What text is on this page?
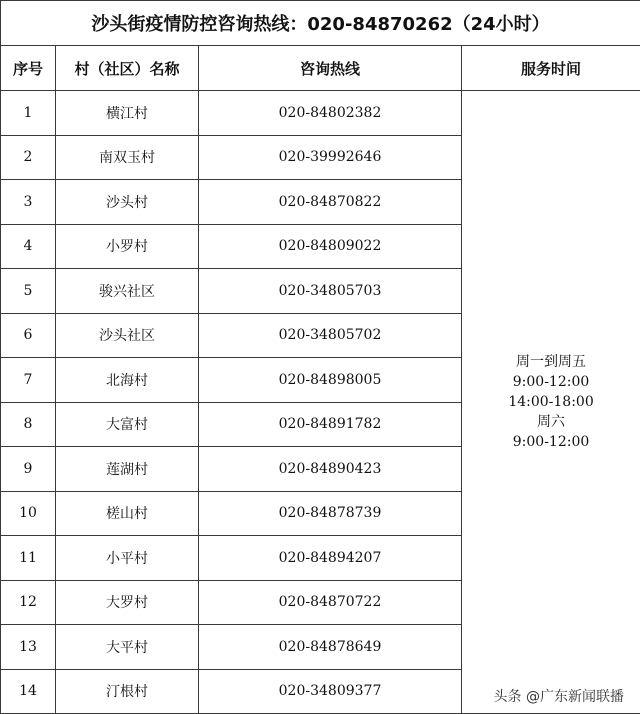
沙头街疫情防控咨询热线：020-84870262（24小时）			
序号	村（社区）名称	咨询热线	服务时间
1	横江村	020-84802382	周一到周五
9:00-12:00
14:00-18:00
周六
9:00-12:00

2	南双玉村	020-39992646	
3	沙头村	020-84870822	
4	小罗村	020-84809022	
5	骏兴社区	020-34805703	
6	沙头社区	020-34805702	
7	北海村	020-84898005	
8	大富村	020-84891782	
9	莲湖村	020-84890423	
10	槎山村	020-84878739	
11	小平村	020-84894207	
12	大罗村	020-84870722	
13	大平村	020-84878649	
14	汀根村	020-34809377		头条 @广东新闻联播
